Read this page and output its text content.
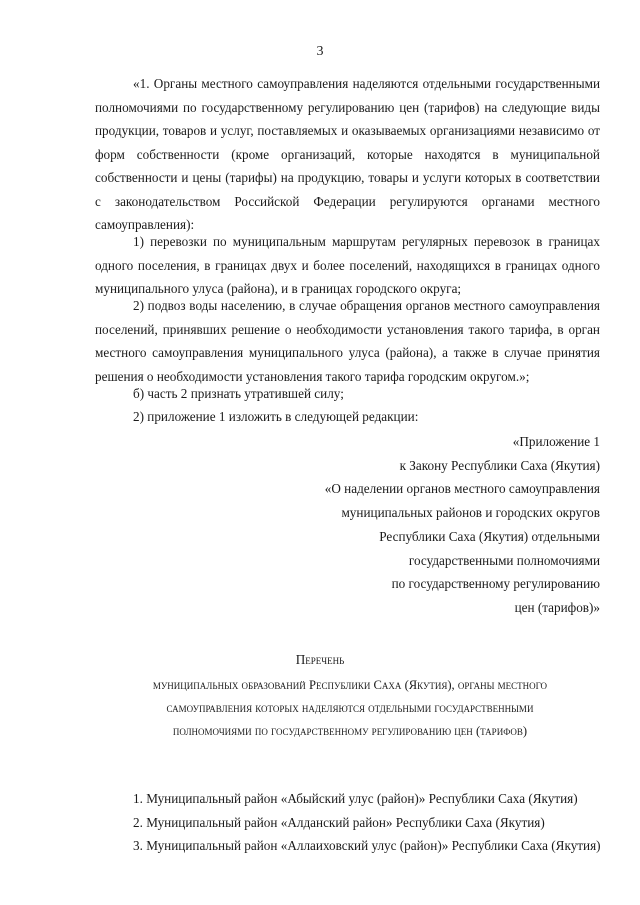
3

«1. Органы местного самоуправления наделяются отдельными государственными полномочиями по государственному регулированию цен (тарифов) на следующие виды продукции, товаров и услуг, поставляемых и оказываемых организациями независимо от форм собственности (кроме организаций, которые находятся в муниципальной собственности и цены (тарифы) на продукцию, товары и услуги которых в соответствии с законодательством Российской Федерации регулируются органами местного самоуправления):

1) перевозки по муниципальным маршрутам регулярных перевозок в границах одного поселения, в границах двух и более поселений, находящихся в границах одного муниципального улуса (района), и в границах городского округа;

2) подвоз воды населению, в случае обращения органов местного самоуправления поселений, принявших решение о необходимости установления такого тарифа, в орган местного самоуправления муниципального улуса (района), а также в случае принятия решения о необходимости установления такого тарифа городским округом.»;

б) часть 2 признать утратившей силу;

2) приложение 1 изложить в следующей редакции:

«Приложение 1
к Закону Республики Саха (Якутия)
«О наделении органов местного самоуправления
муниципальных районов и городских округов
Республики Саха (Якутия) отдельными
государственными полномочиями
по государственному регулированию
цен (тарифов)»
Перечень
муниципальных образований Республики Саха (Якутия), органы местного
самоуправления которых наделяются отдельными государственными
полномочиями по государственному регулированию цен (тарифов)
1. Муниципальный район «Абыйский улус (район)» Республики Саха (Якутия)
2. Муниципальный район «Алданский район» Республики Саха (Якутия)
3. Муниципальный район «Аллаиховский улус (район)» Республики Саха (Якутия)
